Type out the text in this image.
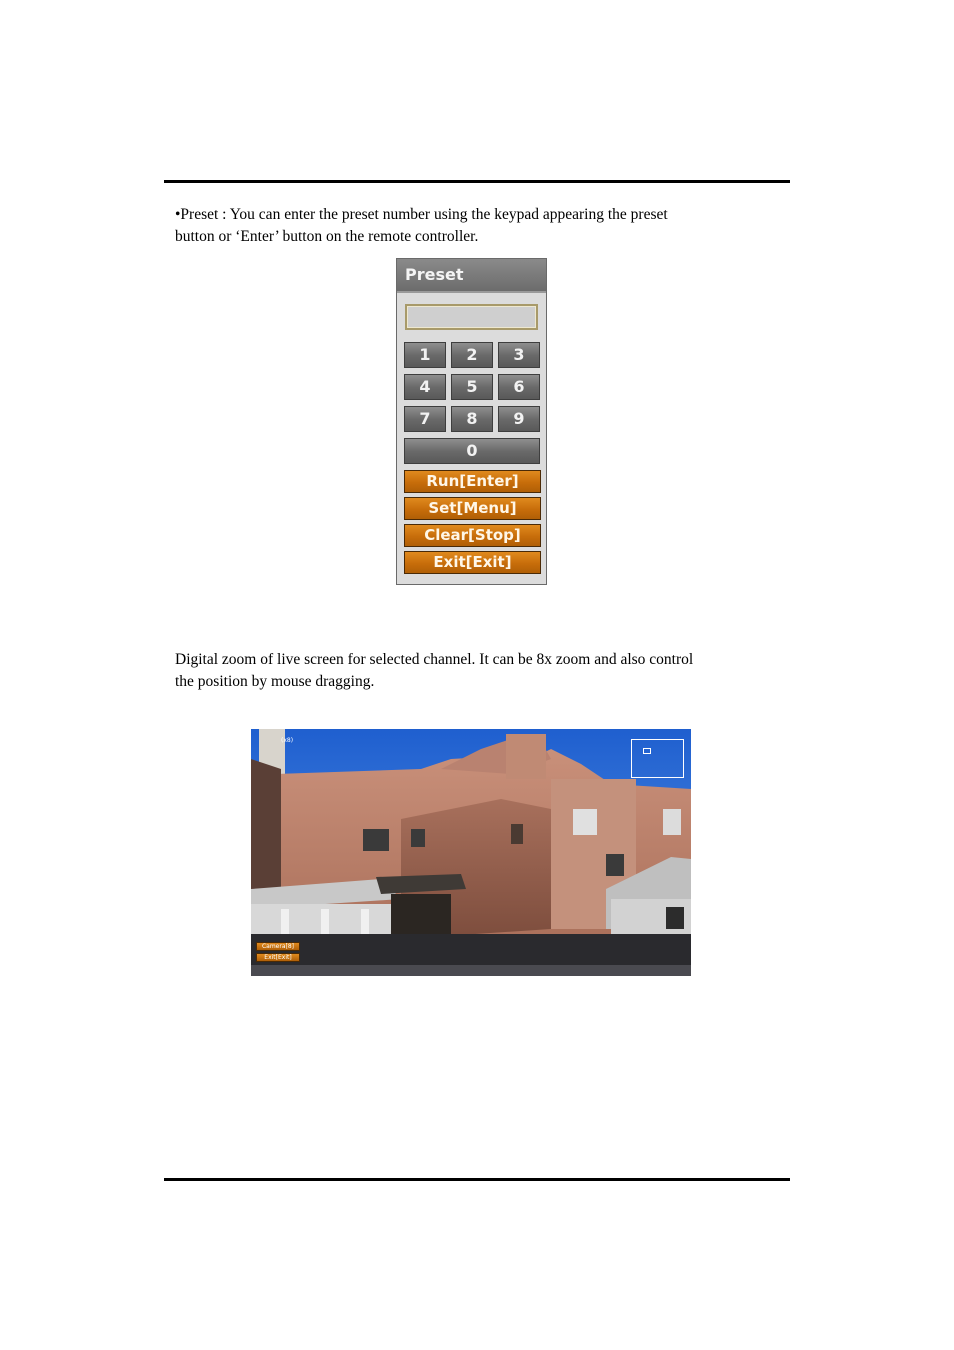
•Preset : You can enter the preset number using the keypad appearing the preset

button or ‘Enter’ button on the remote controller.

Preset
1	2	3
4	5	6
7	8	9
0
Run[Enter]
Set[Menu]
Clear[Stop]
Exit[Exit]

Digital zoom of live screen for selected channel. It can be 8x zoom and also control

the position by mouse dragging.

(x8)
Camera[8]
Exit[Exit]
